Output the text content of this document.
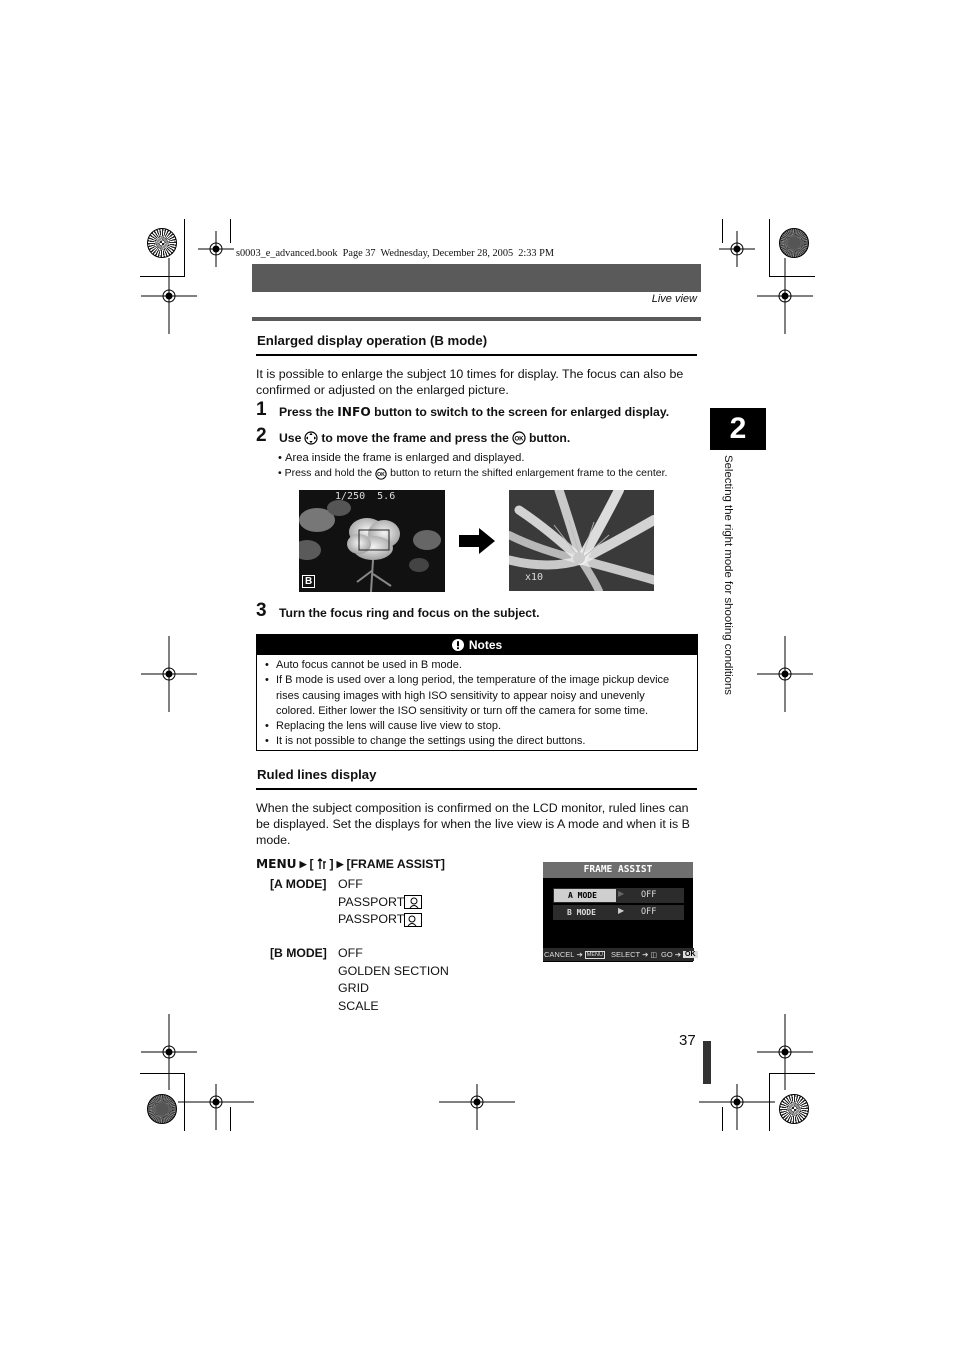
s0003_e_advanced.book  Page 37  Wednesday, December 28, 2005  2:33 PM
Live view
2
Selecting the right mode for shooting conditions
Enlarged display operation (B mode)
It is possible to enlarge the subject 10 times for display. The focus can also be confirmed or adjusted on the enlarged picture.
1 Press the INFO button to switch to the screen for enlarged display.
2 Use to move the frame and press the OK button.
• Area inside the frame is enlarged and displayed.
• Press and hold the OK button to return the shifted enlargement frame to the center.
1/250 5.6
B	x10
3 Turn the focus ring and focus on the subject.
Notes
• Auto focus cannot be used in B mode.
• If B mode is used over a long period, the temperature of the image pickup device rises causing images with high ISO sensitivity to appear noisy and unevenly colored. Either lower the ISO sensitivity or turn off the camera for some time.
• Replacing the lens will cause live view to stop.
• It is not possible to change the settings using the direct buttons.
Ruled lines display
When the subject composition is confirmed on the LCD monitor, ruled lines can be displayed. Set the displays for when the live view is A mode and when it is B mode.
MENU ▶ [ ] ▶ [FRAME ASSIST]
[A MODE] OFF
PASSPORT
PASSPORT
[B MODE] OFF
GOLDEN SECTION
GRID
SCALE
FRAME ASSIST
A MODE	▶ OFF
B MODE	▶ OFF
CANCEL ➔ MENU SELECT ➔ ◫ GO ➔ OK
37
